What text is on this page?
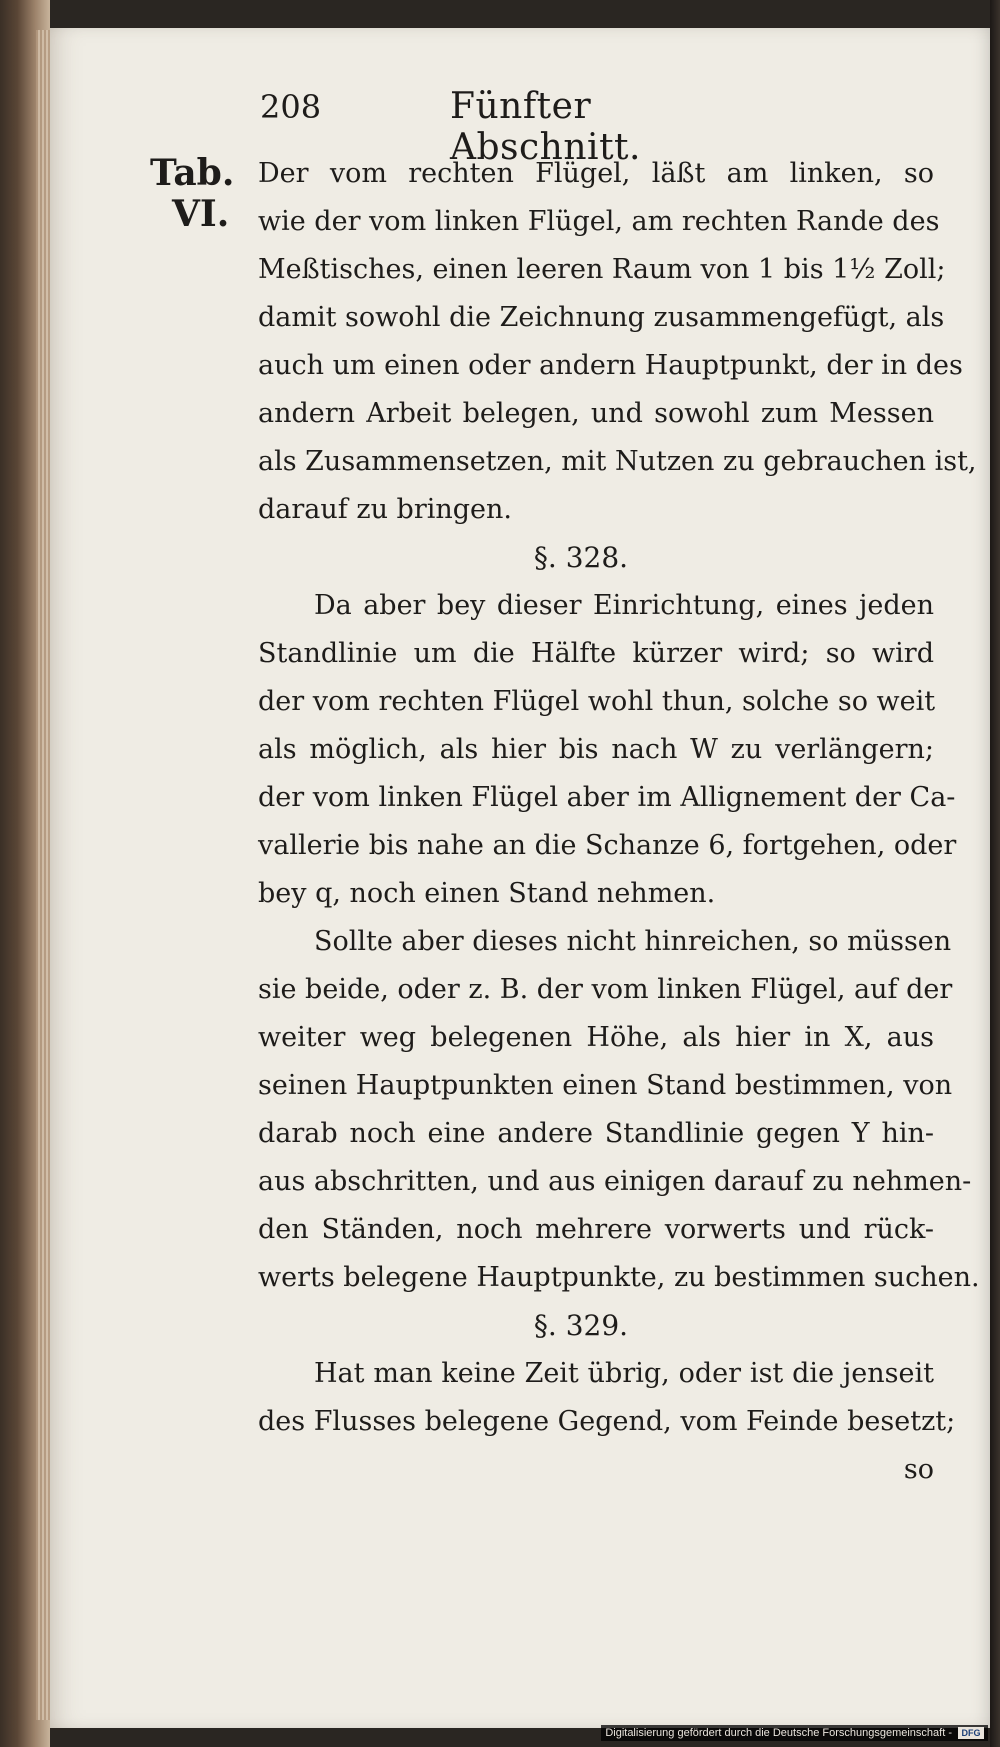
208	Fünfter Abschnitt.
Tab.
VI.
Der vom rechten Flügel, läßt am linken, so
wie der vom linken Flügel, am rechten Rande des
Meßtisches, einen leeren Raum von 1 bis 1½ Zoll;
damit sowohl die Zeichnung zusammengefügt, als
auch um einen oder andern Hauptpunkt, der in des
andern Arbeit belegen, und sowohl zum Messen
als Zusammensetzen, mit Nutzen zu gebrauchen ist,
darauf zu bringen.
§. 328.
Da aber bey dieser Einrichtung, eines jeden
Standlinie um die Hälfte kürzer wird; so wird
der vom rechten Flügel wohl thun, solche so weit
als möglich, als hier bis nach W zu verlängern;
der vom linken Flügel aber im Allignement der Ca-
vallerie bis nahe an die Schanze 6, fortgehen, oder
bey q, noch einen Stand nehmen.
Sollte aber dieses nicht hinreichen, so müssen
sie beide, oder z. B. der vom linken Flügel, auf der
weiter weg belegenen Höhe, als hier in X, aus
seinen Hauptpunkten einen Stand bestimmen, von
darab noch eine andere Standlinie gegen Y hin-
aus abschritten, und aus einigen darauf zu nehmen-
den Ständen, noch mehrere vorwerts und rück-
werts belegene Hauptpunkte, zu bestimmen suchen.
§. 329.
Hat man keine Zeit übrig, oder ist die jenseit
des Flusses belegene Gegend, vom Feinde besetzt;
so
Digitalisierung gefördert durch die Deutsche Forschungsgemeinschaft -	DFG
